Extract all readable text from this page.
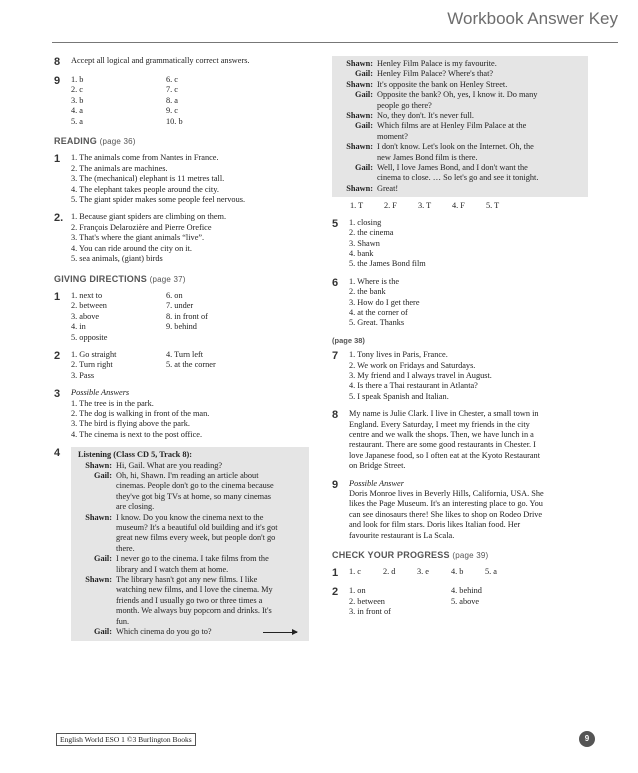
Workbook Answer Key
8	Accept all logical and grammatically correct answers.
9	1. b
2. c
3. b
4. a
5. a
6. c
7. c
8. a
9. c
10. b
READING (page 36)
1	1. The animals come from Nantes in France.
2. The animals are machines.
3. The (mechanical) elephant is 11 metres tall.
4. The elephant takes people around the city.
5. The giant spider makes some people feel nervous.
2. 1. Because giant spiders are climbing on them.
2. François Delarozière and Pierre Orefice
3. That's where the giant animals “live”.
4. You can ride around the city on it.
5. sea animals, (giant) birds
GIVING DIRECTIONS (page 37)
1	1. next to
2. between
3. above
4. in
5. opposite
6. on
7. under
8. in front of
9. behind
2	1. Go straight
2. Turn right
3. Pass
4. Turn left
5. at the corner
3	Possible Answers
1. The tree is in the park.
2. The dog is walking in front of the man.
3. The bird is flying above the park.
4. The cinema is next to the post office.
4	Listening (Class CD 5, Track 8):
Shawn: Hi, Gail. What are you reading?
Gail: Oh, hi, Shawn. I'm reading an article about
cinemas. People don't go to the cinema because
they've got big TVs at home, so many cinemas
are closing.
Shawn: I know. Do you know the cinema next to the
museum? It's a beautiful old building and it's got
great new films every week, but people don't go
there.
Gail: I never go to the cinema. I take films from the
library and I watch them at home.
Shawn: The library hasn't got any new films. I like
watching new films, and I love the cinema. My
friends and I usually go two or three times a
month. We always buy popcorn and drinks. It's
fun.
Gail: Which cinema do you go to?
Shawn: Henley Film Palace is my favourite.
Gail: Henley Film Palace? Where's that?
Shawn: It's opposite the bank on Henley Street.
Gail: Opposite the bank? Oh, yes, I know it. Do many
people go there?
Shawn: No, they don't. It's never full.
Gail: Which films are at Henley Film Palace at the
moment?
Shawn: I don't know. Let's look on the Internet. Oh, the
new James Bond film is there.
Gail: Well, I love James Bond, and I don't want the
cinema to close. … So let's go and see it tonight.
Shawn: Great!
1. T	2. F	3. T	4. F	5. T
5	1. closing
2. the cinema
3. Shawn
4. bank
5. the James Bond film
6	1. Where is the
2. the bank
3. How do I get there
4. at the corner of
5. Great. Thanks
(page 38)
7	1. Tony lives in Paris, France.
2. We work on Fridays and Saturdays.
3. My friend and I always travel in August.
4. Is there a Thai restaurant in Atlanta?
5. I speak Spanish and Italian.
8	My name is Julie Clark. I live in Chester, a small town in
England. Every Saturday, I meet my friends in the city
centre and we walk the shops. Then, we have lunch in a
restaurant. There are some good restaurants in Chester. I
love Japanese food, so I often eat at the Kyoto Restaurant
on Bridge Street.
9	Possible Answer
Doris Monroe lives in Beverly Hills, California, USA. She
likes the Page Museum. It's an interesting place to go. You
can see dinosaurs there! She likes to shop on Rodeo Drive
and look for film stars. Doris likes Italian food. Her
favourite restaurant is La Scala.
CHECK YOUR PROGRESS (page 39)
1	1. c	2. d	3. e	4. b	5. a
2	1. on
2. between
3. in front of
4. behind
5. above
English World ESO 1 ©3 Burlington Books	9
